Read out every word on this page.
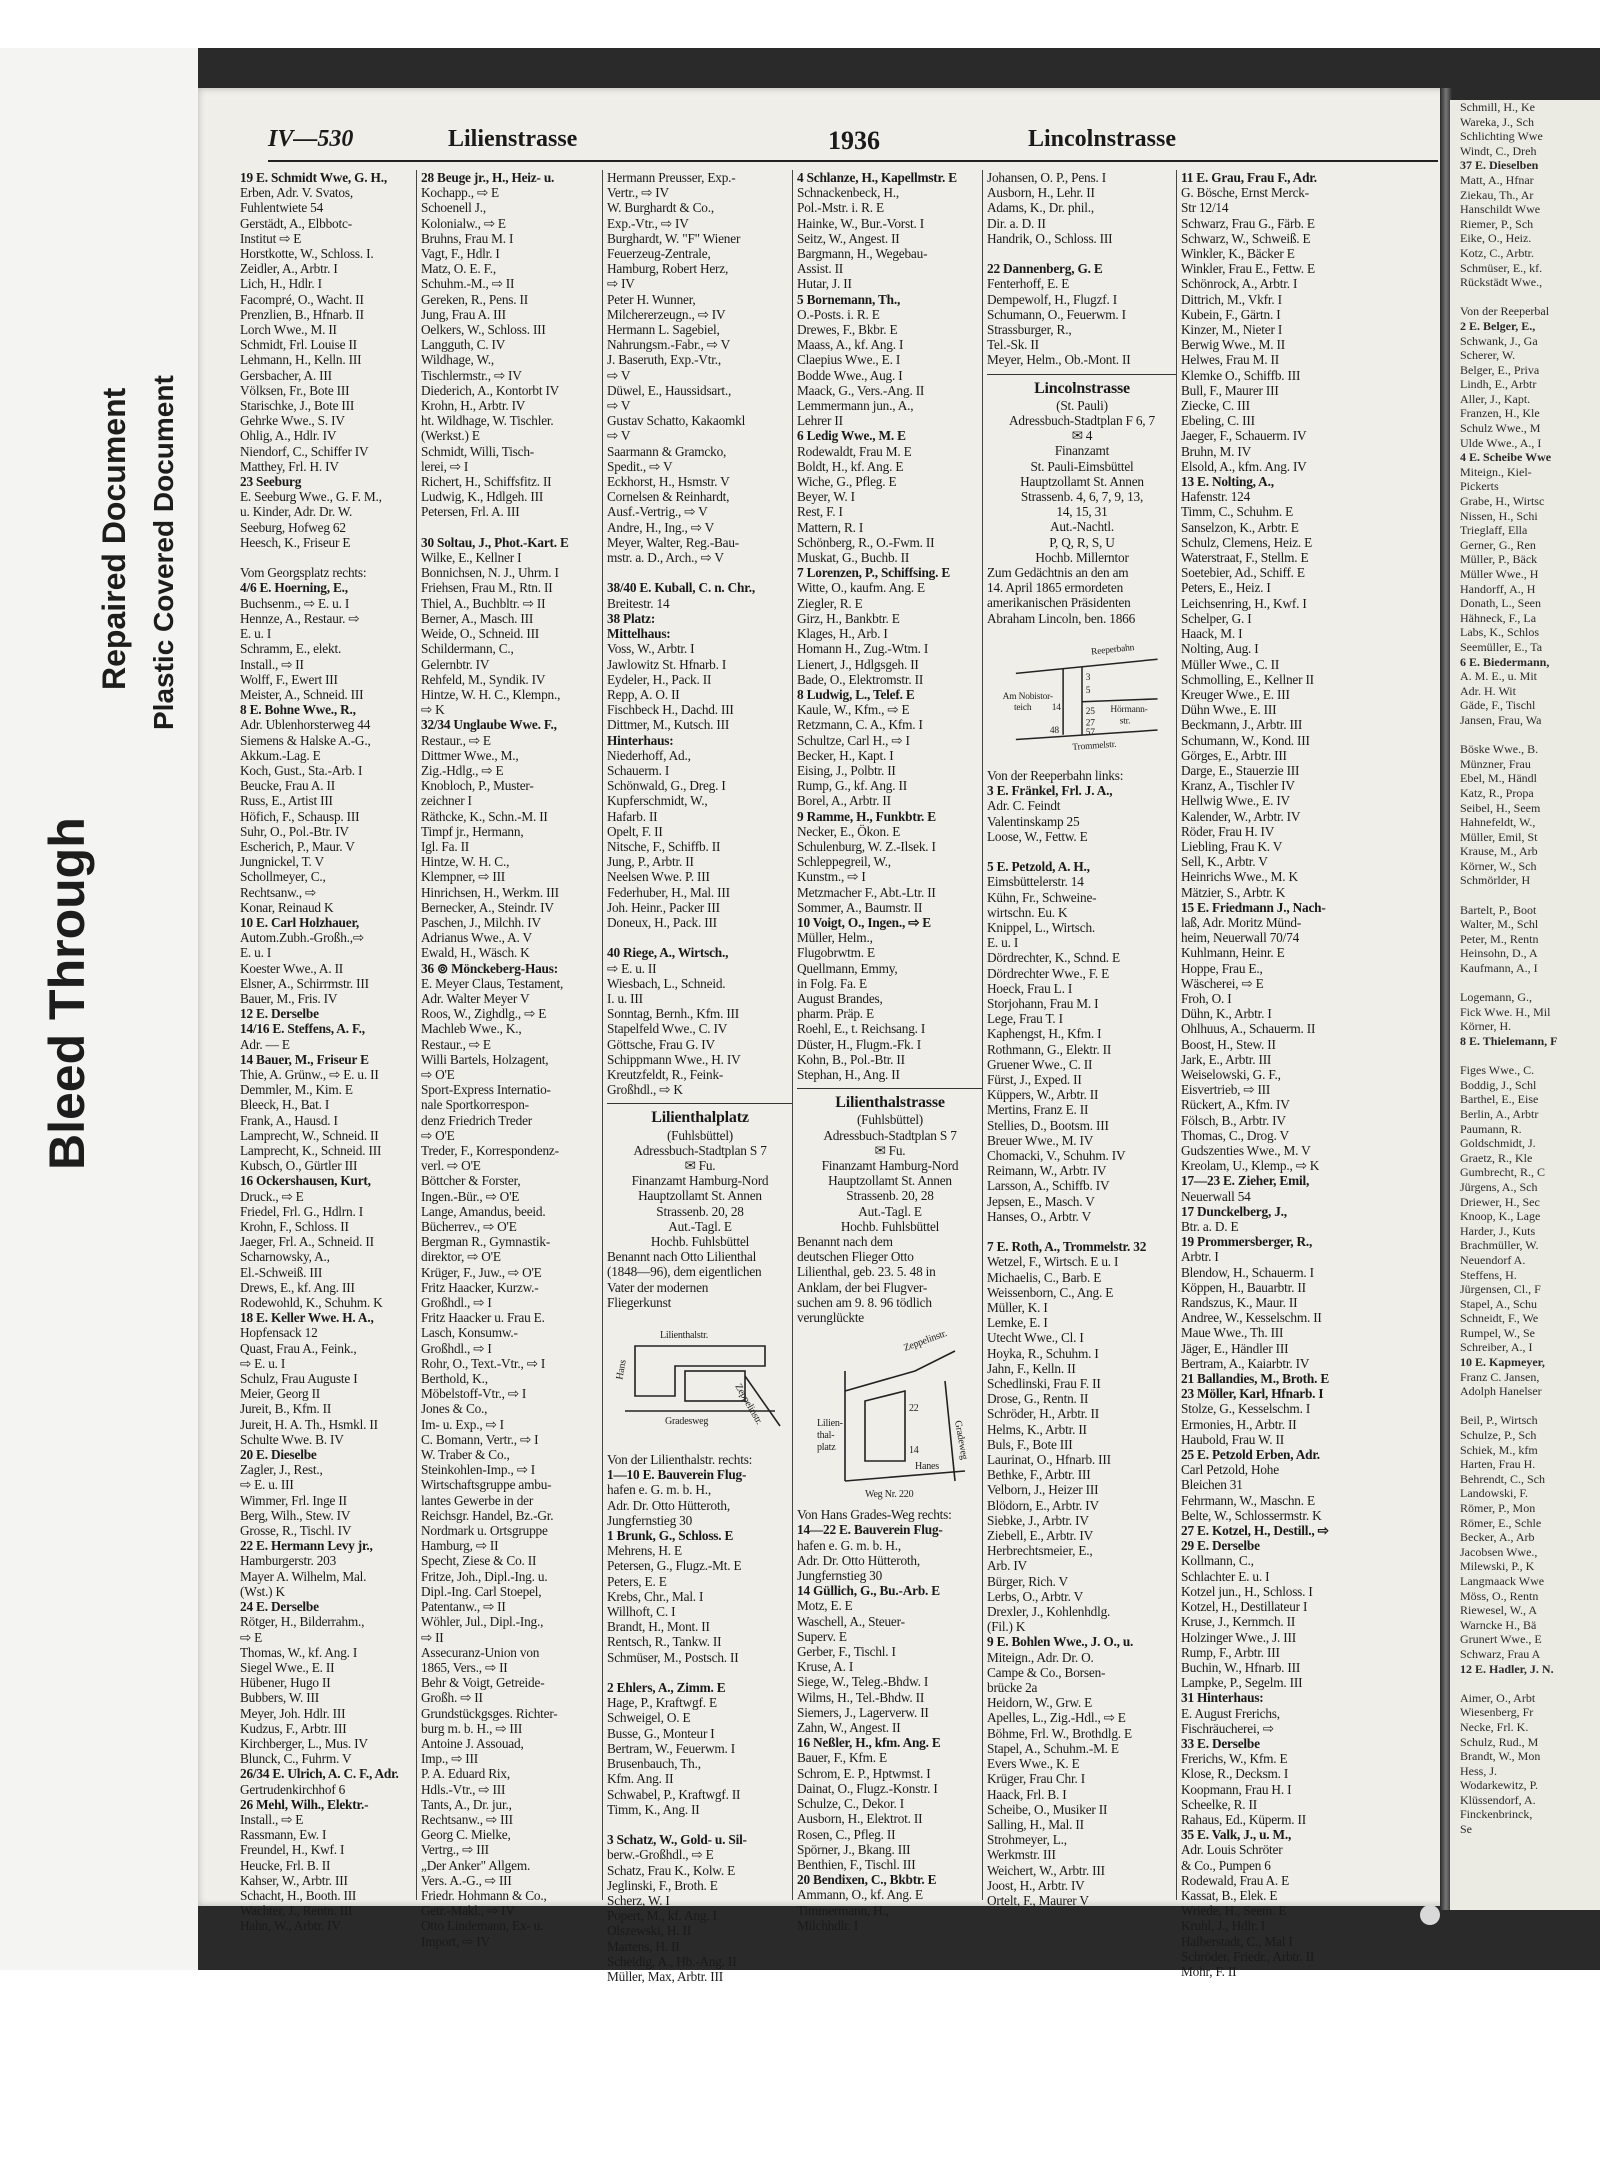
Bleed Through
Repaired Document Plastic Covered Document
IV—530	Lilienstrasse	1936	Lincolnstrasse
19 E. Schmidt Wwe, G. H.,
Erben, Adr. V. Svatos,
Fuhlentwiete 54
Gerstädt, A., Elbbotc-
Institut ⇨ E
Horstkotte, W., Schloss. I.
Zeidler, A., Arbtr. I
Lich, H., Hdlr. I
Facompré, O., Wacht. II
Prenzlien, B., Hfnarb. II
Lorch Wwe., M. II
Schmidt, Frl. Louise II
Lehmann, H., Kelln. III
Gersbacher, A. III
Völksen, Fr., Bote III
Starischke, J., Bote III
Gehrke Wwe., S. IV
Ohlig, A., Hdlr. IV
Niendorf, C., Schiffer IV
Matthey, Frl. H. IV
23 Seeburg
E. Seeburg Wwe., G. F. M.,
u. Kinder, Adr. Dr. W.
Seeburg, Hofweg 62
Heesch, K., Friseur E

Vom Georgsplatz rechts:
4/6 E. Hoerning, E.,
Buchsenm., ⇨ E. u. I
Hennze, A., Restaur. ⇨
E. u. I
Schramm, E., elekt.
Install., ⇨ II
Wolff, F., Ewert III
Meister, A., Schneid. III
8 E. Bohne Wwe., R.,
Adr. Ublenhorsterweg 44
Siemens & Halske A.-G.,
Akkum.-Lag. E
Koch, Gust., Sta.-Arb. I
Beucke, Frau A. II
Russ, E., Artist III
Höfich, F., Schausp. III
Suhr, O., Pol.-Btr. IV
Escherich, P., Maur. V
Jungnickel, T. V
Schollmeyer, C.,
Rechtsanw., ⇨
Konar, Reinaud K
10 E. Carl Holzhauer,
Autom.Zubh.-Großh.,⇨
E. u. I
Koester Wwe., A. II
Elsner, A., Schirrmstr. III
Bauer, M., Fris. IV
12 E. Derselbe
14/16 E. Steffens, A. F.,
Adr. — E
14 Bauer, M., Friseur E
Thie, A. Grünw., ⇨ E. u. II
Demmler, M., Kim. E
Bleeck, H., Bat. I
Frank, A., Hausd. I
Lamprecht, W., Schneid. II
Lamprecht, K., Schneid. III
Kubsch, O., Gürtler III
16 Ockershausen, Kurt,
Druck., ⇨ E
Friedel, Frl. G., Hdlrn. I
Krohn, F., Schloss. II
Jaeger, Frl. A., Schneid. II
Scharnowsky, A.,
El.-Schweiß. III
Drews, E., kf. Ang. III
Rodewohld, K., Schuhm. K
18 E. Keller Wwe. H. A.,
Hopfensack 12
Quast, Frau A., Feink.,
⇨ E. u. I
Schulz, Frau Auguste I
Meier, Georg II
Jureit, B., Kfm. II
Jureit, H. A. Th., Hsmkl. II
Schulte Wwe. B. IV
20 E. Dieselbe
Zagler, J., Rest.,
⇨ E. u. III
Wimmer, Frl. Inge II
Berg, Wilh., Stew. IV
Grosse, R., Tischl. IV
22 E. Hermann Levy jr.,
Hamburgerstr. 203
Mayer A. Wilhelm, Mal.
(Wst.) K
24 E. Derselbe
Rötger, H., Bilderrahm.,
⇨ E
Thomas, W., kf. Ang. I
Siegel Wwe., E. II
Hübener, Hugo II
Bubbers, W. III
Meyer, Joh. Hdlr. III
Kudzus, F., Arbtr. III
Kirchberger, L., Mus. IV
Blunck, C., Fuhrm. V
26/34 E. Ulrich, A. C. F., Adr.
Gertrudenkirchhof 6
26 Mehl, Wilh., Elektr.-
Install., ⇨ E
Rassmann, Ew. I
Freundel, H., Kwf. I
Heucke, Frl. B. II
Kahser, W., Arbtr. III
Schacht, H., Booth. III
Wachter, J., Rentn. III
Hahn, W., Arbtr. IV
28 Beuge jr., H., Heiz- u.
Kochapp., ⇨ E
Schoenell J.,
Kolonialw., ⇨ E
Bruhns, Frau M. I
Vagt, F., Hdlr. I
Matz, O. E. F.,
Schuhm.-M., ⇨ II
Gereken, R., Pens. II
Jung, Frau A. III
Oelkers, W., Schloss. III
Langguth, C. IV
Wildhage, W.,
Tischlermstr., ⇨ IV
Diederich, A., Kontorbt IV
Krohn, H., Arbtr. IV
ht. Wildhage, W. Tischler.
(Werkst.) E
Schmidt, Willi, Tisch-
lerei, ⇨ I
Richert, H., Schiffsfitz. II
Ludwig, K., Hdlgeh. III
Petersen, Frl. A. III

30 Soltau, J., Phot.-Kart. E
Wilke, E., Kellner I
Bonnichsen, N. J., Uhrm. I
Friehsen, Frau M., Rtn. II
Thiel, A., Buchbltr. ⇨ II
Berner, A., Masch. III
Weide, O., Schneid. III
Schildermann, C.,
Gelernbtr. IV
Rehfeld, M., Syndik. IV
Hintze, W. H. C., Klempn.,
⇨ K
32/34 Unglaube Wwe. F.,
Restaur., ⇨ E
Dittmer Wwe., M.,
Zig.-Hdlg., ⇨ E
Knobloch, P., Muster-
zeichner I
Räthcke, K., Schn.-M. II
Timpf jr., Hermann,
Igl. Fa. II
Hintze, W. H. C.,
Klempner, ⇨ III
Hinrichsen, H., Werkm. III
Bernecker, A., Steindr. IV
Paschen, J., Milchh. IV
Adrianus Wwe., A. V
Ewald, H., Wäsch. K
36 ⊚ Mönckeberg-Haus:
E. Meyer Claus, Testament,
Adr. Walter Meyer V
Roos, W., Zighdlg., ⇨ E
Machleb Wwe., K.,
Restaur., ⇨ E
Willi Bartels, Holzagent,
⇨ O'E
Sport-Express Internatio-
nale Sportkorrespon-
denz Friedrich Treder
⇨ O'E
Treder, F., Korrespondenz-
verl. ⇨ O'E
Böttcher & Forster,
Ingen.-Bür., ⇨ O'E
Lange, Amandus, beeid.
Bücherrev., ⇨ O'E
Bergman R., Gymnastik-
direktor, ⇨ O'E
Krüger, F., Juw., ⇨ O'E
Fritz Haacker, Kurzw.-
Großhdl., ⇨ I
Fritz Haacker u. Frau E.
Lasch, Konsumw.-
Großhdl., ⇨ I
Rohr, O., Text.-Vtr., ⇨ I
Berthold, K.,
Möbelstoff-Vtr., ⇨ I
Jones & Co.,
Im- u. Exp., ⇨ I
C. Bomann, Vertr., ⇨ I
W. Traber & Co.,
Steinkohlen-Imp., ⇨ I
Wirtschaftsgruppe ambu-
lantes Gewerbe in der
Reichsgr. Handel, Bz.-Gr.
Nordmark u. Ortsgruppe
Hamburg, ⇨ II
Specht, Ziese & Co. II
Fritze, Joh., Dipl.-Ing. u.
Dipl.-Ing. Carl Stoepel,
Patentanw., ⇨ II
Wöhler, Jul., Dipl.-Ing.,
⇨ II
Assecuranz-Union von
1865, Vers., ⇨ II
Behr & Voigt, Getreide-
Großh. ⇨ II
Grundstückgsges. Richter-
burg m. b. H., ⇨ III
Antoine J. Assouad,
Imp., ⇨ III
P. A. Eduard Rix,
Hdls.-Vtr., ⇨ III
Tants, A., Dr. jur.,
Rechtsanw., ⇨ III
Georg C. Mielke,
Vertrg., ⇨ III
„Der Anker" Allgem.
Vers. A.-G., ⇨ III
Friedr. Hohmann & Co.,
Getr.-Makl., ⇨ IV
Otto Lindemann, Ex- u.
Import, ⇨ IV
Hermann Preusser, Exp.-
Vertr., ⇨ IV
W. Burghardt & Co.,
Exp.-Vtr., ⇨ IV
Burghardt, W. "F" Wiener
Feuerzeug-Zentrale,
Hamburg, Robert Herz,
⇨ IV
Peter H. Wunner,
Milchererzeugn., ⇨ IV
Hermann L. Sagebiel,
Nahrungsm.-Fabr., ⇨ V
J. Baseruth, Exp.-Vtr.,
⇨ V
Düwel, E., Haussidsart.,
⇨ V
Gustav Schatto, Kakaomkl
⇨ V
Saarmann & Gramcko,
Spedit., ⇨ V
Eckhorst, H., Hsmstr. V
Cornelsen & Reinhardt,
Ausf.-Vertrig., ⇨ V
Andre, H., Ing., ⇨ V
Meyer, Walter, Reg.-Bau-
mstr. a. D., Arch., ⇨ V

38/40 E. Kuball, C. n. Chr.,
Breitestr. 14
38 Platz:
Mittelhaus:
Voss, W., Arbtr. I
Jawlowitz St. Hfnarb. I
Eydeler, H., Pack. II
Repp, A. O. II
Fischbeck H., Dachd. III
Dittmer, M., Kutsch. III
Hinterhaus:
Niederhoff, Ad.,
Schauerm. I
Schönwald, G., Dreg. I
Kupferschmidt, W.,
Hafarb. II
Opelt, F. II
Nitsche, F., Schiffb. II
Jung, P., Arbtr. II
Neelsen Wwe. P. III
Federhuber, H., Mal. III
Joh. Heinr., Packer III
Doneux, H., Pack. III

40 Riege, A., Wirtsch.,
⇨ E. u. II
Wiesbach, L., Schneid.
I. u. III
Sonntag, Bernh., Kfm. III
Stapelfeld Wwe., C. IV
Göttsche, Frau G. IV
Schippmann Wwe., H. IV
Kreutzfeldt, R., Feink-
Großhdl., ⇨ K
Lilienthalplatz
(Fuhlsbüttel)
Adressbuch-Stadtplan S 7
✉ Fu.
Finanzamt Hamburg-Nord
Hauptzollamt St. Annen
Strassenb. 20, 28
Aut.-Tagl. E
Hochb. Fuhlsbüttel
Benannt nach Otto Lilienthal
(1848—96), dem eigentlichen
Vater der modernen
Fliegerkunst
Lilienthalstr.
Hans
Gradesweg Zeppelinstr.
Von der Lilienthalstr. rechts:
1—10 E. Bauverein Flug-
hafen e. G. m. b. H.,
Adr. Dr. Otto Hütteroth,
Jungfernstieg 30
1 Brunk, G., Schloss. E
Mehrens, H. E
Petersen, G., Flugz.-Mt. E
Peters, E. E
Krebs, Chr., Mal. I
Willhoft, C. I
Brandt, H., Mont. II
Rentsch, R., Tankw. II
Schmüser, M., Postsch. II

2 Ehlers, A., Zimm. E
Hage, P., Kraftwgf. E
Schweigel, O. E
Busse, G., Monteur I
Bertram, W., Feuerwm. I
Brusenbauch, Th.,
Kfm. Ang. II
Schwabel, P., Kraftwgf. II
Timm, K., Ang. II

3 Schatz, W., Gold- u. Sil-
berw.-Großhdl., ⇨ E
Schatz, Frau K., Kolw. E
Jeglinski, F., Broth. E
Scherz, W. I
Popert, M., kf. Ang. I
Olszewski, H. II
Martens, H. II
Scheidig, A., Hb.-Ang. II
Müller, Max, Arbtr. III
4 Schlanze, H., Kapellmstr. E
Schnackenbeck, H.,
Pol.-Mstr. i. R. E
Hainke, W., Bur.-Vorst. I
Seitz, W., Angest. II
Bargmann, H., Wegebau-
Assist. II
Hutar, J. II
5 Bornemann, Th.,
O.-Posts. i. R. E
Drewes, F., Bkbr. E
Maass, A., kf. Ang. I
Claepius Wwe., E. I
Bodde Wwe., Aug. I
Maack, G., Vers.-Ang. II
Lemmermann jun., A.,
Lehrer II
6 Ledig Wwe., M. E
Rodewaldt, Frau M. E
Boldt, H., kf. Ang. E
Wiche, G., Pfleg. E
Beyer, W. I
Rest, F. I
Mattern, R. I
Schönberg, R., O.-Fwm. II
Muskat, G., Buchb. II
7 Lorenzen, P., Schiffsing. E
Witte, O., kaufm. Ang. E
Ziegler, R. E
Girz, H., Bankbtr. E
Klages, H., Arb. I
Homann H., Zug.-Wtm. I
Lienert, J., Hdlgsgeh. II
Bade, O., Elektromstr. II
8 Ludwig, L., Telef. E
Kaule, W., Kfm., ⇨ E
Retzmann, C. A., Kfm. I
Schultze, Carl H., ⇨ I
Becker, H., Kapt. I
Eising, J., Polbtr. II
Rump, G., kf. Ang. II
Borel, A., Arbtr. II
9 Ramme, H., Funkbtr. E
Necker, E., Ökon. E
Schulenburg, W. Z.-Ilsek. I
Schleppegreil, W.,
Kunstm., ⇨ I
Metzmacher F., Abt.-Ltr. II
Sommer, A., Baumstr. II
10 Voigt, O., Ingen., ⇨ E
Müller, Helm.,
Flugobrwtm. E
Quellmann, Emmy,
in Folg. Fa. E
August Brandes,
pharm. Präp. E
Roehl, E., t. Reichsang. I
Düster, H., Flugm.-Fk. I
Kohn, B., Pol.-Btr. II
Stephan, H., Ang. II
Lilienthalstrasse
(Fuhlsbüttel)
Adressbuch-Stadtplan S 7
✉ Fu.
Finanzamt Hamburg-Nord
Hauptzollamt St. Annen
Strassenb. 20, 28
Aut.-Tagl. E
Hochb. Fuhlsbüttel
Benannt nach dem
deutschen Flieger Otto
Lilienthal, geb. 23. 5. 48 in
Anklam, der bei Flugver-
suchen am 9. 8. 96 tödlich
verunglückte
Zeppelinstr.
Lilien-
thal-
platz
22
14
Hanes
Gradeweg
Weg Nr. 220
Von Hans Grades-Weg rechts:
14—22 E. Bauverein Flug-
hafen e. G. m. b. H.,
Adr. Dr. Otto Hütteroth,
Jungfernstieg 30
14 Güllich, G., Bu.-Arb. E
Motz, E. E
Waschell, A., Steuer-
Superv. E
Gerber, F., Tischl. I
Kruse, A. I
Siege, W., Teleg.-Bhdw. I
Wilms, H., Tel.-Bhdw. II
Siemers, J., Lagerverw. II
Zahn, W., Angest. II
16 Neßler, H., kfm. Ang. E
Bauer, F., Kfm. E
Schrom, E. P., Hptwmst. I
Dainat, O., Flugz.-Konstr. I
Schulze, C., Dekor. I
Ausborn, H., Elektrot. II
Rosen, C., Pfleg. II
Spörner, J., Bkang. III
Benthien, F., Tischl. III
20 Bendixen, C., Bkbtr. E
Ammann, O., kf. Ang. E
Timmermann, H.,
Milchhdlr. I
Johansen, O. P., Pens. I
Ausborn, H., Lehr. II
Adams, K., Dr. phil.,
Dir. a. D. II
Handrik, O., Schloss. III

22 Dannenberg, G. E
Fenterhoff, E. E
Dempewolf, H., Flugzf. I
Schumann, O., Feuerwm. I
Strassburger, R.,
Tel.-Sk. II
Meyer, Helm., Ob.-Mont. II
Lincolnstrasse
(St. Pauli)
Adressbuch-Stadtplan F 6, 7
✉ 4
Finanzamt
St. Pauli-Eimsbüttel
Hauptzollamt St. Annen
Strassenb. 4, 6, 7, 9, 13,
14, 15, 31
Aut.-Nachtl.
P, Q, R, S, U
Hochb. Millerntor
Zum Gedächtnis an den am
14. April 1865 ermordeten
amerikanischen Präsidenten
Abraham Lincoln, ben. 1866
Reeperbahn
Am Nobistor-
teich
3
5
14 25
27
48	57
Hörmann-
str.
Trommelstr.
Von der Reeperbahn links:
3 E. Fränkel, Frl. J. A.,
Adr. C. Feindt
Valentinskamp 25
Loose, W., Fettw. E

5 E. Petzold, A. H.,
Eimsbüttelerstr. 14
Kühn, Fr., Schweine-
wirtschn. Eu. K
Knippel, L., Wirtsch.
E. u. I
Dördrechter, K., Schnd. E
Dördrechter Wwe., F. E
Hoeck, Frau L. I
Storjohann, Frau M. I
Lege, Frau T. I
Kaphengst, H., Kfm. I
Rothmann, G., Elektr. II
Gruener Wwe., C. II
Fürst, J., Exped. II
Küppers, W., Arbtr. II
Mertins, Franz E. II
Stellies, D., Bootsm. III
Breuer Wwe., M. IV
Chomacki, V., Schuhm. IV
Reimann, W., Arbtr. IV
Larsson, A., Schiffb. IV
Jepsen, E., Masch. V
Hanses, O., Arbtr. V

7 E. Roth, A., Trommelstr. 32
Wetzel, F., Wirtsch. E u. I
Michaelis, C., Barb. E
Weissenborn, C., Ang. E
Müller, K. I
Lemke, E. I
Utecht Wwe., Cl. I
Hoyka, R., Schuhm. I
Jahn, F., Kelln. II
Schedlinski, Frau F. II
Drose, G., Rentn. II
Schröder, H., Arbtr. II
Helms, K., Arbtr. II
Buls, F., Bote III
Laurinat, O., Hfnarb. III
Bethke, F., Arbtr. III
Velborn, J., Heizer III
Blödorn, E., Arbtr. IV
Siebke, J., Arbtr. IV
Ziebell, E., Arbtr. IV
Herbrechtsmeier, E.,
Arb. IV
Bürger, Rich. V
Lerbs, O., Arbtr. V
Drexler, J., Kohlenhdlg.
(Fil.) K
9 E. Bohlen Wwe., J. O., u.
Miteign., Adr. Dr. O.
Campe & Co., Borsen-
brücke 2a
Heidorn, W., Grw. E
Apelles, L., Zig.-Hdl., ⇨ E
Böhme, Frl. W., Brothdlg. E
Stapel, A., Schuhm.-M. E
Evers Wwe., K. E
Krüger, Frau Chr. I
Haack, Frl. B. I
Scheibe, O., Musiker II
Salling, H., Mal. II
Strohmeyer, L.,
Werkmstr. III
Weichert, W., Arbtr. III
Joost, H., Arbtr. IV
Ortelt, F., Maurer V
11 E. Grau, Frau F., Adr.
G. Bösche, Ernst Merck-
Str 12/14
Schwarz, Frau G., Färb. E
Schwarz, W., Schweiß. E
Winkler, K., Bäcker E
Winkler, Frau E., Fettw. E
Schönrock, A., Arbtr. I
Dittrich, M., Vkfr. I
Kubein, F., Gärtn. I
Kinzer, M., Nieter I
Berwig Wwe., M. II
Helwes, Frau M. II
Klemke O., Schiffb. III
Bull, F., Maurer III
Ziecke, C. III
Ebeling, C. III
Jaeger, F., Schauerm. IV
Bruhn, M. IV
Elsold, A., kfm. Ang. IV
13 E. Nolting, A.,
Hafenstr. 124
Timm, C., Schuhm. E
Sanselzon, K., Arbtr. E
Schulz, Clemens, Heiz. E
Waterstraat, F., Stellm. E
Soetebier, Ad., Schiff. E
Peters, E., Heiz. I
Leichsenring, H., Kwf. I
Schelper, G. I
Haack, M. I
Nolting, Aug. I
Müller Wwe., C. II
Schmolling, E., Kellner II
Kreuger Wwe., E. III
Dühn Wwe., E. III
Beckmann, J., Arbtr. III
Schumann, W., Kond. III
Görges, E., Arbtr. III
Darge, E., Stauerzie III
Kranz, A., Tischler IV
Hellwig Wwe., E. IV
Kalender, W., Arbtr. IV
Röder, Frau H. IV
Liebling, Frau K. V
Sell, K., Arbtr. V
Heinrichs Wwe., M. K
Mätzier, S., Arbtr. K
15 E. Friedmann J., Nach-
laß, Adr. Moritz Münd-
heim, Neuerwall 70/74
Kuhlmann, Heinr. E
Hoppe, Frau E.,
Wäscherei, ⇨ E
Froh, O. I
Dühn, K., Arbtr. I
Ohlhuus, A., Schauerm. II
Boost, H., Stew. II
Jark, E., Arbtr. III
Weiselowski, G. F.,
Eisvertrieb, ⇨ III
Rückert, A., Kfm. IV
Fölsch, B., Arbtr. IV
Thomas, C., Drog. V
Gudszenties Wwe., M. V
Kreolam, U., Klemp., ⇨ K
17—23 E. Zieher, Emil,
Neuerwall 54
17 Dunckelberg, J.,
Btr. a. D. E
19 Prommersberger, R.,
Arbtr. I
Blendow, H., Schauerm. I
Köppen, H., Bauarbtr. II
Randszus, K., Maur. II
Andree, W., Kesselschm. II
Maue Wwe., Th. III
Jäger, E., Händler III
Bertram, A., Kaiarbtr. IV
21 Ballandies, M., Broth. E
23 Möller, Karl, Hfnarb. I
Stolze, G., Kesselschm. I
Ermonies, H., Arbtr. II
Haubold, Frau W. II
25 E. Petzold Erben, Adr.
Carl Petzold, Hohe
Bleichen 31
Fehrmann, W., Maschn. E
Belte, W., Schlossermstr. K
27 E. Kotzel, H., Destill., ⇨
29 E. Derselbe
Kollmann, C.,
Schlachter E. u. I
Kotzel jun., H., Schloss. I
Kotzel, H., Destillateur I
Kruse, J., Kernmch. II
Holzinger Wwe., J. III
Rump, F., Arbtr. III
Buchin, W., Hfnarb. III
Lampke, P., Segelm. III
31 Hinterhaus:
E. August Frerichs,
Fischräucherei, ⇨
33 E. Derselbe
Frerichs, W., Kfm. E
Klose, R., Decksm. I
Koopmann, Frau H. I
Scheelke, R. II
Rahaus, Ed., Küperm. II
35 E. Valk, J., u. M.,
Adr. Louis Schröter
& Co., Pumpen 6
Rodewald, Frau A. E
Kassat, B., Elek. E
Wriede, H., Seem. E
Kruhl, J., Hdlr. I
Halberstadt, C., Mal I
Schröder, Friedr., Arbtr. II
Mohr, F. II
Schmill, H., Ke
Wareka, J., Sch
Schlichting Wwe
Windt, C., Dreh
37 E. Dieselben
Matt, A., Hfnar
Ziekau, Th., Ar
Hanschildt Wwe
Riemer, P., Sch
Eike, O., Heiz.
Kotz, C., Arbtr.
Schmüser, E., kf.
Rückstädt Wwe.,

Von der Reeperbal
2 E. Belger, E.,
Schwank, J., Ga
Scherer, W.
Belger, E., Priva
Lindh, E., Arbtr
Aller, J., Kapt.
Franzen, H., Kle
Schulz Wwe., M
Ulde Wwe., A., I
4 E. Scheibe Wwe
Miteign., Kiel-
Pickerts
Grabe, H., Wirtsc
Nissen, H., Schi
Trieglaff, Ella
Gerner, G., Ren
Müller, P., Bäck
Müller Wwe., H
Handorff, A., H
Donath, L., Seen
Hähneck, F., La
Labs, K., Schlos
Seemüller, E., Ta
6 E. Biedermann,
A. M. E., u. Mit
Adr. H. Wit
Gäde, F., Tischl
Jansen, Frau, Wa

Böske Wwe., B.
Münzner, Frau
Ebel, M., Händl
Katz, R., Propa
Seibel, H., Seem
Hahnefeldt, W.,
Müller, Emil, St
Krause, M., Arb
Körner, W., Sch
Schmörlder, H

Bartelt, P., Boot
Walter, M., Schl
Peter, M., Rentn
Heinsohn, D., A
Kaufmann, A., I

Logemann, G.,
Fick Wwe. H., Mil
Körner, H.
8 E. Thielemann, F

Figes Wwe., C.
Boddig, J., Schl
Barthel, E., Eise
Berlin, A., Arbtr
Paumann, R.
Goldschmidt, J.
Graetz, R., Kle
Gumbrecht, R., C
Jürgens, A., Sch
Driewer, H., Sec
Knoop, K., Lage
Harder, J., Kuts
Brachmüller, W.
Neuendorf A.
Steffens, H.
Jürgensen, Cl., F
Stapel, A., Schu
Schneidt, F., We
Rumpel, W., Se
Schreiber, A., I
10 E. Kapmeyer,
Franz C. Jansen,
Adolph Hanelser

Beil, P., Wirtsch
Schulze, P., Sch
Schiek, M., kfm
Harten, Frau H.
Behrendt, C., Sch
Landowski, F.
Römer, P., Mon
Römer, E., Schle
Becker, A., Arb
Jacobsen Wwe.,
Milewski, P., K
Langmaack Wwe
Möss, O., Rentn
Riewesel, W., A
Warncke H., Bä
Grunert Wwe., E
Schwarz, Frau A
12 E. Hadler, J. N.

Aimer, O., Arbt
Wiesenberg, Fr
Necke, Frl. K.
Schulz, Rud., M
Brandt, W., Mon
Hess, J.
Wodarkewitz, P.
Klüssendorf, A.
Finckenbrinck,
Se
